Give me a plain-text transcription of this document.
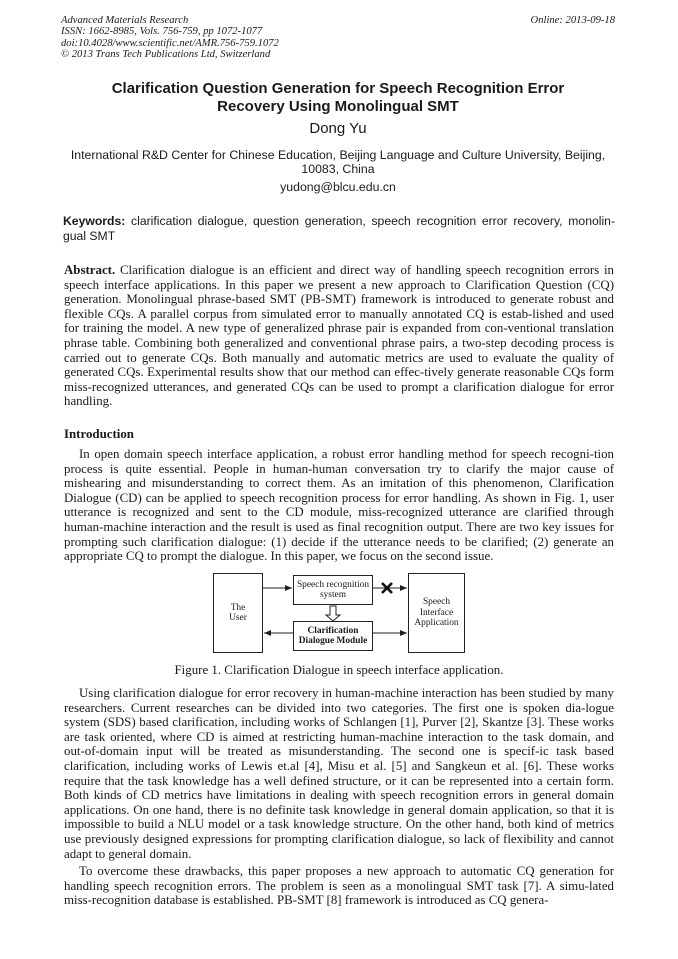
Advanced Materials Research
ISSN: 1662-8985, Vols. 756-759, pp 1072-1077
doi:10.4028/www.scientific.net/AMR.756-759.1072
© 2013 Trans Tech Publications Ltd, Switzerland
Online: 2013-09-18
Clarification Question Generation for Speech Recognition Error
Recovery Using Monolingual SMT
Dong Yu
International R&D Center for Chinese Education, Beijing Language and Culture University, Beijing,
10083, China
yudong@blcu.edu.cn
Keywords: clarification dialogue, question generation, speech recognition error recovery, monolin-gual SMT
Abstract. Clarification dialogue is an efficient and direct way of handling speech recognition errors in speech interface applications. In this paper we present a new approach to Clarification Question (CQ) generation. Monolingual phrase-based SMT (PB-SMT) framework is introduced to generate robust and flexible CQs. A parallel corpus from simulated error to manually annotated CQ is estab-lished and used for training the model. A new type of generalized phrase pair is expanded from con-ventional translation phrase table. Combining both generalized and conventional phrase pairs, a two-step decoding process is carried out to generate CQs. Both manually and automatic metrics are used to evaluate the quality of generated CQs. Experimental results show that our method can effec-tively generate reasonable CQs form miss-recognized utterances, and generated CQs can be used to prompt a clarification dialogue for error handling.
Introduction
In open domain speech interface application, a robust error handling method for speech recogni-tion process is quite essential. People in human-human conversation try to clarify the major cause of mishearing and misunderstanding to correct them. As an imitation of this phenomenon, Clarification Dialogue (CD) can be applied to speech recognition process for error handling. As shown in Fig. 1, user utterance is recognized and sent to the CD module, miss-recognized utterance are clarified through human-machine interaction and the result is used as final recognition output. There are two key issues for prompting such clarification dialogue: (1) decide if the utterance needs to be clarified; (2) generate an appropriate CQ to prompt the dialogue. In this paper, we focus on the second issue.
The
User
Speech recognition
system
Clarification
Dialogue Module
Speech
Interface
Application
Figure 1. Clarification Dialogue in speech interface application.
Using clarification dialogue for error recovery in human-machine interaction has been studied by many researchers. Current researches can be divided into two categories. The first one is spoken dia-logue system (SDS) based clarification, including works of Schlangen [1], Purver [2], Skantze [3]. These works are task oriented, where CD is aimed at restricting human-machine interaction to the task domain, and out-of-domain input will be treated as misunderstanding. The second one is specif-ic task based clarification, including works of Lewis et.al [4], Misu et al. [5] and Sangkeun et al. [6]. These works require that the task knowledge has a well defined structure, or it can be represented into a certain form. Both kinds of CD metrics have limitations in dealing with speech recognition errors in general domain applications. On one hand, there is no definite task knowledge in general domain application, so that it is impossible to build a NLU model or a task knowledge structure. On the other hand, both kind of metrics use previously designed expressions for prompting clarification dialogue, so lack of flexibility and cannot adapt to general domain.
To overcome these drawbacks, this paper proposes a new approach to automatic CQ generation for handling speech recognition errors. The problem is seen as a monolingual SMT task [7]. A simu-lated miss-recognition database is established. PB-SMT [8] framework is introduced as CQ genera-
